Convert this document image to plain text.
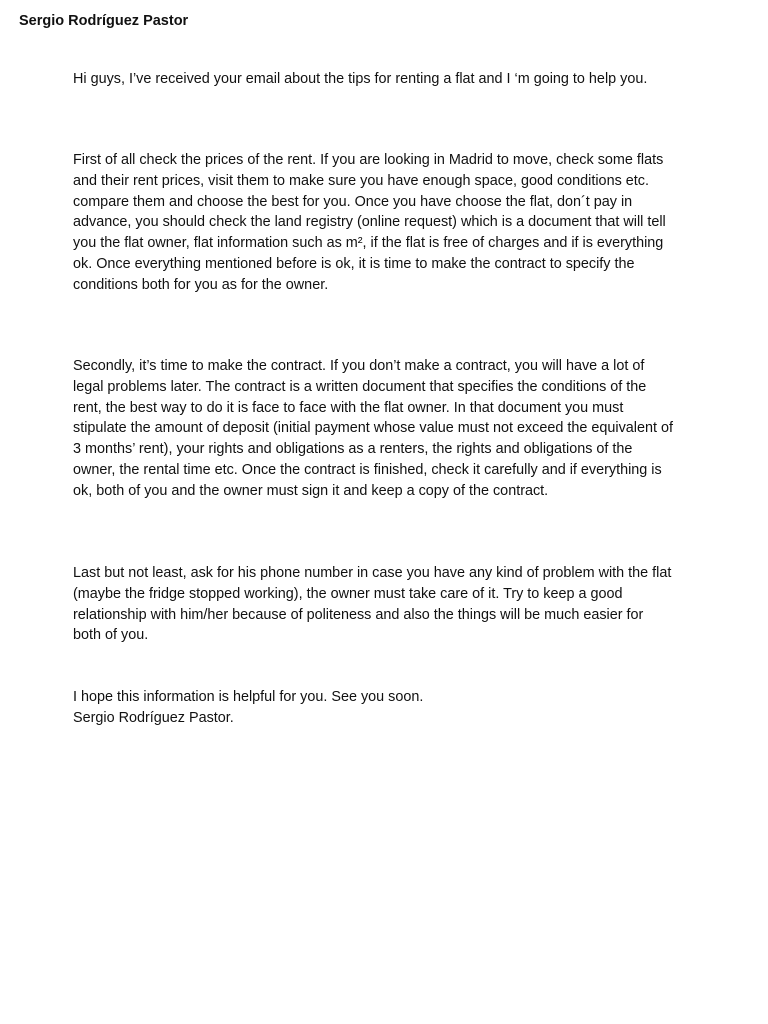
Sergio Rodríguez Pastor

Hi guys, I’ve received your email about the tips for renting a flat and I ‘m going to help you.

First of all check the prices of the rent. If you are looking in Madrid to move, check some flats and their rent prices, visit them to make sure you have enough space, good conditions etc. compare them and choose the best for you. Once you have choose the flat, don´t pay in advance, you should check the land registry (online request) which is a document that will tell you the flat owner, flat information such as m², if the flat is free of charges and if is everything ok. Once everything mentioned before is ok, it is time to make the contract to specify the conditions both for you as for the owner.

Secondly, it’s time to make the contract. If you don’t make a contract, you will have a lot of legal problems later. The contract is a written document that specifies the conditions of the rent, the best way to do it is face to face with the flat owner. In that document you must stipulate the amount of deposit (initial payment whose value must not exceed the equivalent of 3 months’ rent), your rights and obligations as a renters, the rights and obligations of the owner, the rental time etc. Once the contract is finished, check it carefully and if everything is ok, both of you and the owner must sign it and keep a copy of the contract.

Last but not least, ask for his phone number in case you have any kind of problem with the flat (maybe the fridge stopped working), the owner must take care of it. Try to keep a good relationship with him/her because of politeness and also the things will be much easier for both of you.

I hope this information is helpful for you. See you soon.

Sergio Rodríguez Pastor.
